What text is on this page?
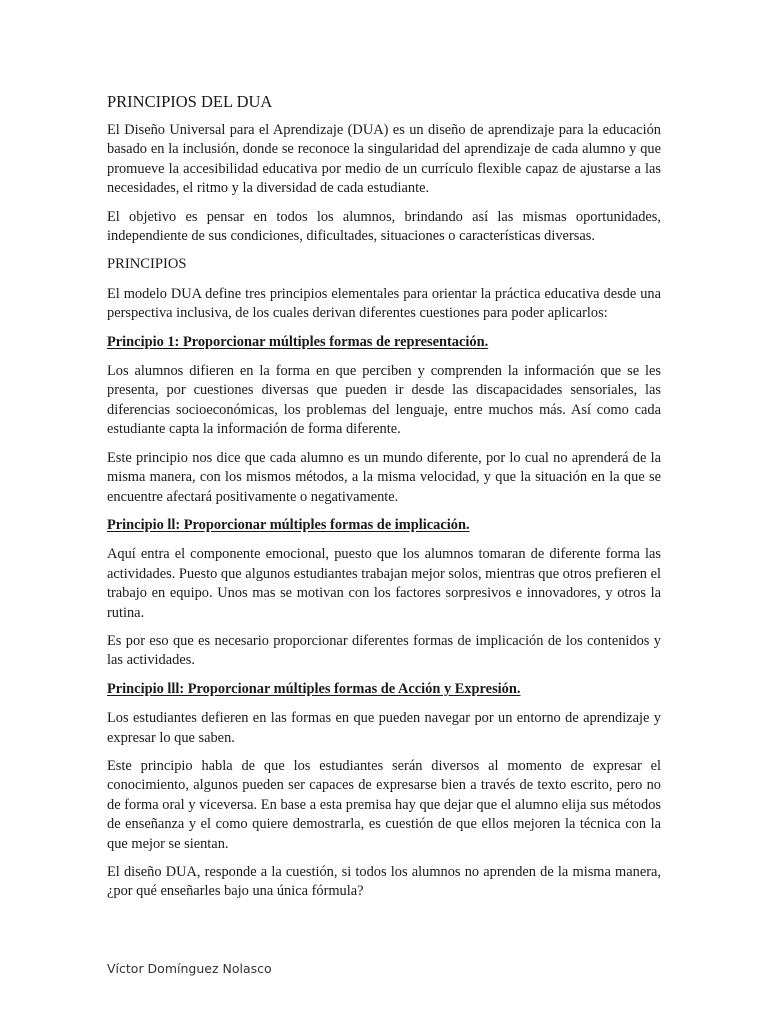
PRINCIPIOS DEL DUA

El Diseño Universal para el Aprendizaje (DUA) es un diseño de aprendizaje para la educación basado en la inclusión, donde se reconoce la singularidad del aprendizaje de cada alumno y que promueve la accesibilidad educativa por medio de un currículo flexible capaz de ajustarse a las necesidades, el ritmo y la diversidad de cada estudiante.

El objetivo es pensar en todos los alumnos, brindando así las mismas oportunidades, independiente de sus condiciones, dificultades, situaciones o características diversas.

PRINCIPIOS

El modelo DUA define tres principios elementales para orientar la práctica educativa desde una perspectiva inclusiva, de los cuales derivan diferentes cuestiones para poder aplicarlos:

Principio 1: Proporcionar múltiples formas de representación.

Los alumnos difieren en la forma en que perciben y comprenden la información que se les presenta, por cuestiones diversas que pueden ir desde las discapacidades sensoriales, las diferencias socioeconómicas, los problemas del lenguaje, entre muchos más. Así como cada estudiante capta la información de forma diferente.

Este principio nos dice que cada alumno es un mundo diferente, por lo cual no aprenderá de la misma manera, con los mismos métodos, a la misma velocidad, y que la situación en la que se encuentre afectará positivamente o negativamente.

Principio ll: Proporcionar múltiples formas de implicación.

Aquí entra el componente emocional, puesto que los alumnos tomaran de diferente forma las actividades. Puesto que algunos estudiantes trabajan mejor solos, mientras que otros prefieren el trabajo en equipo. Unos mas se motivan con los factores sorpresivos e innovadores, y otros la rutina.

Es por eso que es necesario proporcionar diferentes formas de implicación de los contenidos y las actividades.

Principio lll: Proporcionar múltiples formas de Acción y Expresión.

Los estudiantes defieren en las formas en que pueden navegar por un entorno de aprendizaje y expresar lo que saben.

Este principio habla de que los estudiantes serán diversos al momento de expresar el conocimiento, algunos pueden ser capaces de expresarse bien a través de texto escrito, pero no de forma oral y viceversa. En base a esta premisa hay que dejar que el alumno elija sus métodos de enseñanza y el como quiere demostrarla, es cuestión de que ellos mejoren la técnica con la que mejor se sientan.

El diseño DUA, responde a la cuestión, si todos los alumnos no aprenden de la misma manera, ¿por qué enseñarles bajo una única fórmula?

Víctor Domínguez Nolasco
